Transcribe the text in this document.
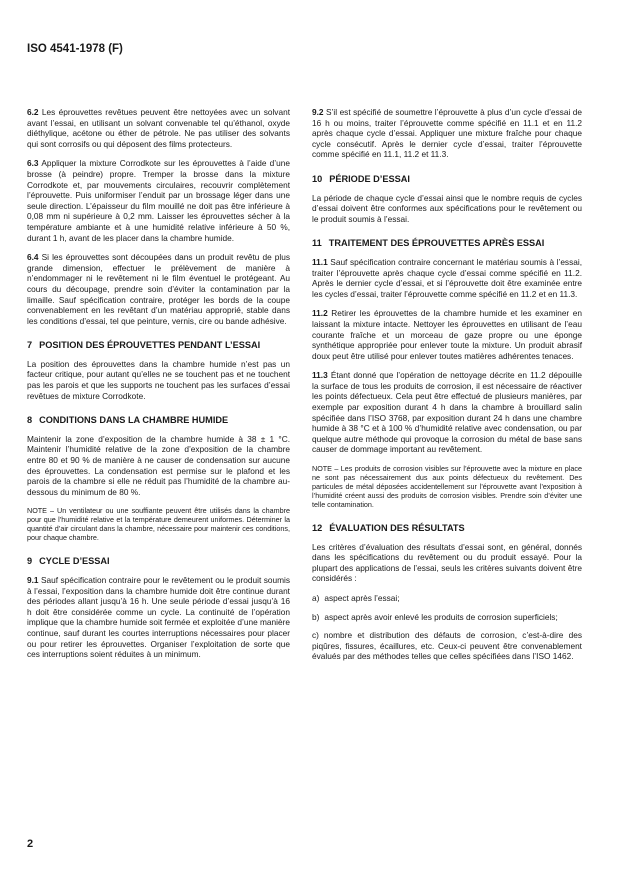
ISO 4541-1978 (F)

6.2 Les éprouvettes revêtues peuvent être nettoyées avec un solvant avant l’essai, en utilisant un solvant convenable tel qu’éthanol, oxyde diéthylique, acétone ou éther de pétrole. Ne pas utiliser des solvants qui sont corrosifs ou qui déposent des films protecteurs.

6.3 Appliquer la mixture Corrodkote sur les éprouvettes à l’aide d’une brosse (à peindre) propre. Tremper la brosse dans la mixture Corrodkote et, par mouvements circulaires, recouvrir complètement l’éprouvette. Puis uniformiser l’enduit par un brossage léger dans une seule direction. L’épaisseur du film mouillé ne doit pas être inférieure à 0,08 mm ni supérieure à 0,2 mm. Laisser les éprouvettes sécher à la température ambiante et à une humidité relative inférieure à 50 %, durant 1 h, avant de les placer dans la chambre humide.

6.4 Si les éprouvettes sont découpées dans un produit revêtu de plus grande dimension, effectuer le prélèvement de manière à n’endommager ni le revêtement ni le film éventuel le protégeant. Au cours du découpage, prendre soin d’éviter la contamination par la limaille. Sauf spécification contraire, protéger les bords de la coupe convenablement en les revêtant d’un matériau approprié, stable dans les conditions d’essai, tel que peinture, vernis, cire ou bande adhésive.

7 POSITION DES ÉPROUVETTES PENDANT L’ESSAI

La position des éprouvettes dans la chambre humide n’est pas un facteur critique, pour autant qu’elles ne se touchent pas et ne touchent pas les parois et que les supports ne touchent pas les surfaces d’essai revêtues de mixture Corrodkote.

8 CONDITIONS DANS LA CHAMBRE HUMIDE

Maintenir la zone d’exposition de la chambre humide à 38 ± 1 °C. Maintenir l’humidité relative de la zone d’exposition de la chambre entre 80 et 90 % de manière à ne causer de condensation sur aucune des éprouvettes. La condensation est permise sur le plafond et les parois de la chambre si elle ne réduit pas l’humidité de la chambre au-dessous du minimum de 80 %.

NOTE – Un ventilateur ou une souffiante peuvent être utilisés dans la chambre pour que l’humidité relative et la température demeurent uniformes. Déterminer la quantité d’air circulant dans la chambre, nécessaire pour maintenir ces conditions, pour chaque chambre.

9 CYCLE D’ESSAI

9.1 Sauf spécification contraire pour le revêtement ou le produit soumis à l’essai, l’exposition dans la chambre humide doit être continue durant des périodes allant jusqu’à 16 h. Une seule période d’essai jusqu’à 16 h doit être considérée comme un cycle. La continuité de l’opération implique que la chambre humide soit fermée et exploitée d’une manière continue, sauf durant les courtes interruptions nécessaires pour placer ou pour retirer les éprouvettes. Organiser l’exploitation de sorte que ces interruptions soient réduites à un minimum.

9.2 S’il est spécifié de soumettre l’éprouvette à plus d’un cycle d’essai de 16 h ou moins, traiter l’éprouvette comme spécifié en 11.1 et en 11.2 après chaque cycle d’essai. Appliquer une mixture fraîche pour chaque cycle consécutif. Après le dernier cycle d’essai, traiter l’éprouvette comme spécifié en 11.1, 11.2 et 11.3.

10 PÉRIODE D’ESSAI

La période de chaque cycle d’essai ainsi que le nombre requis de cycles d’essai doivent être conformes aux spécifications pour le revêtement ou le produit soumis à l’essai.

11 TRAITEMENT DES ÉPROUVETTES APRÈS ESSAI

11.1 Sauf spécification contraire concernant le matériau soumis à l’essai, traiter l’éprouvette après chaque cycle d’essai comme spécifié en 11.2. Après le dernier cycle d’essai, et si l’éprouvette doit être examinée entre les cycles d’essai, traiter l’éprouvette comme spécifié en 11.2 et en 11.3.

11.2 Retirer les éprouvettes de la chambre humide et les examiner en laissant la mixture intacte. Nettoyer les éprouvettes en utilisant de l’eau courante fraîche et un morceau de gaze propre ou une éponge synthétique appropriée pour enlever toute la mixture. Un produit abrasif doux peut être utilisé pour enlever toutes matières adhérentes tenaces.

11.3 Étant donné que l’opération de nettoyage décrite en 11.2 dépouille la surface de tous les produits de corrosion, il est nécessaire de réactiver les points défectueux. Cela peut être effectué de plusieurs manières, par exemple par exposition durant 4 h dans la chambre à brouillard salin spécifiée dans l’ISO 3768, par exposition durant 24 h dans une chambre humide à 38 °C et à 100 % d’humidité relative avec condensation, ou par quelque autre méthode qui provoque la corrosion du métal de base sans causer de dommage important au revêtement.

NOTE – Les produits de corrosion visibles sur l’éprouvette avec la mixture en place ne sont pas nécessairement dus aux points défectueux du revêtement. Des particules de métal déposées accidentellement sur l’éprouvette avant l’exposition à l’humidité créent aussi des produits de corrosion visibles. Prendre soin d’éviter une telle contamination.

12 ÉVALUATION DES RÉSULTATS

Les critères d’évaluation des résultats d’essai sont, en général, donnés dans les spécifications du revêtement ou du produit essayé. Pour la plupart des applications de l’essai, seuls les critères suivants doivent être considérés :

a) aspect après l’essai;
b) aspect après avoir enlevé les produits de corrosion superficiels;
c) nombre et distribution des défauts de corrosion, c’est-à-dire des piqûres, fissures, écaillures, etc. Ceux-ci peuvent être convenablement évalués par des méthodes telles que celles spécifiées dans l’ISO 1462.
2
